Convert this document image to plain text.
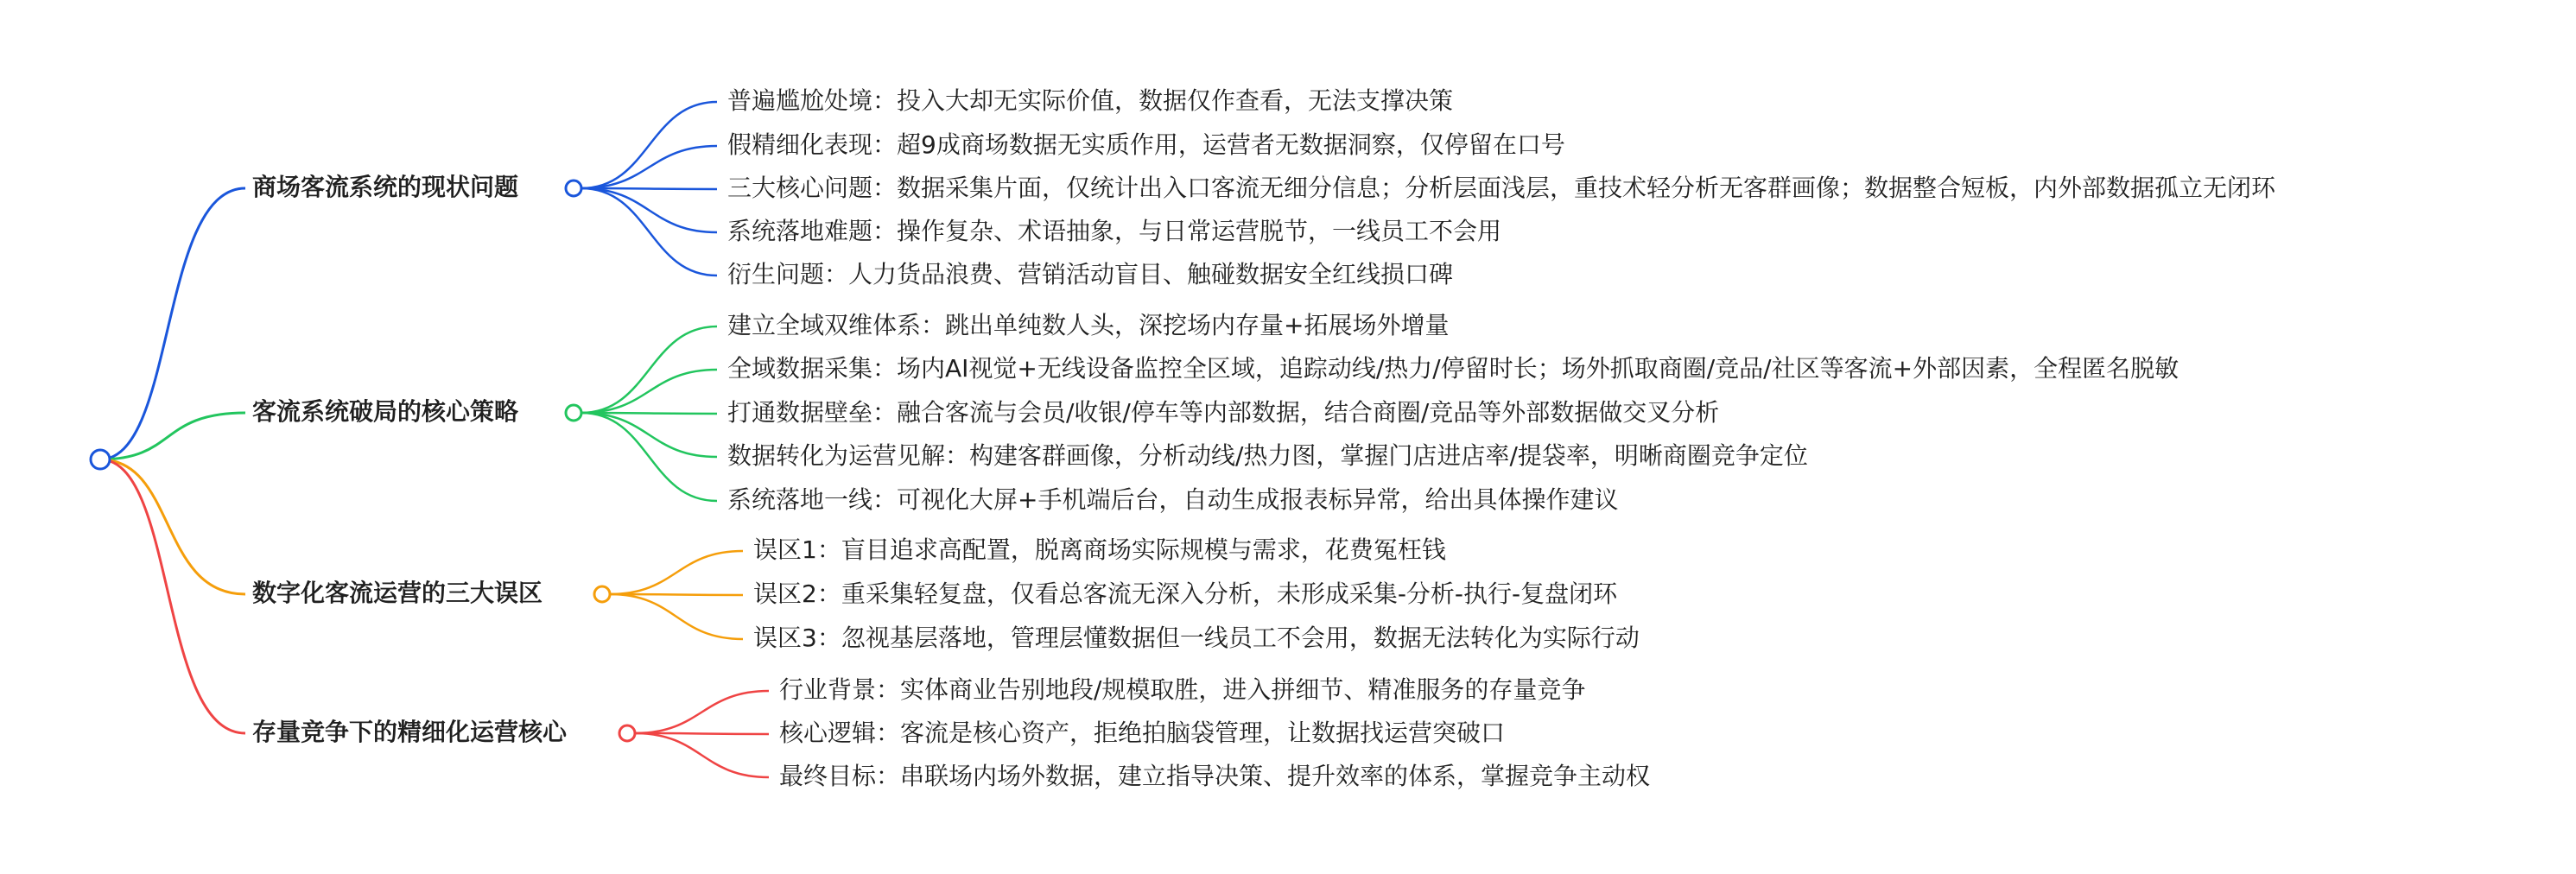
商场客流系统的现状问题
普遍尴尬处境：投入大却无实际价值，数据仅作查看，无法支撑决策
假精细化表现：超9成商场数据无实质作用，运营者无数据洞察，仅停留在口号
三大核心问题：数据采集片面，仅统计出入口客流无细分信息；分析层面浅层，重技术轻分析无客群画像；数据整合短板，内外部数据孤立无闭环
系统落地难题：操作复杂、术语抽象，与日常运营脱节，一线员工不会用
衍生问题：人力货品浪费、营销活动盲目、触碰数据安全红线损口碑
客流系统破局的核心策略
建立全域双维体系：跳出单纯数人头，深挖场内存量+拓展场外增量
全域数据采集：场内AI视觉+无线设备监控全区域，追踪动线/热力/停留时长；场外抓取商圈/竞品/社区等客流+外部因素，全程匿名脱敏
打通数据壁垒：融合客流与会员/收银/停车等内部数据，结合商圈/竞品等外部数据做交叉分析
数据转化为运营见解：构建客群画像，分析动线/热力图，掌握门店进店率/提袋率，明晰商圈竞争定位
系统落地一线：可视化大屏+手机端后台，自动生成报表标异常，给出具体操作建议
数字化客流运营的三大误区
误区1：盲目追求高配置，脱离商场实际规模与需求，花费冤枉钱
误区2：重采集轻复盘，仅看总客流无深入分析，未形成采集-分析-执行-复盘闭环
误区3：忽视基层落地，管理层懂数据但一线员工不会用，数据无法转化为实际行动
存量竞争下的精细化运营核心
行业背景：实体商业告别地段/规模取胜，进入拼细节、精准服务的存量竞争
核心逻辑：客流是核心资产，拒绝拍脑袋管理，让数据找运营突破口
最终目标：串联场内场外数据，建立指导决策、提升效率的体系，掌握竞争主动权
